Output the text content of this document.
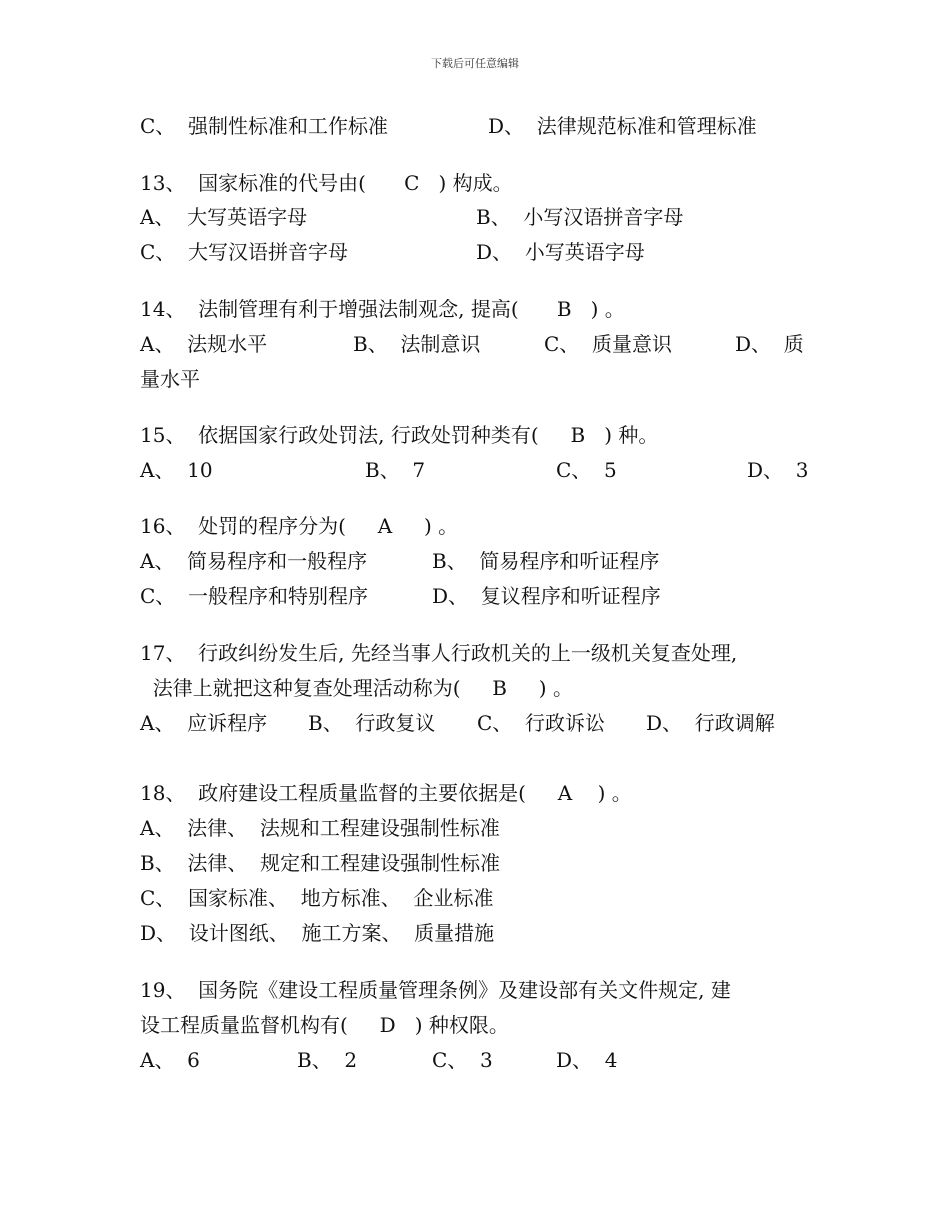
下载后可任意编辑
C、  强制性标准和工作标准	D、  法律规范标准和管理标准
13、  国家标准的代号由(      C   ) 构成。
A、  大写英语字母	B、  小写汉语拼音字母
C、  大写汉语拼音字母	D、  小写英语字母
14、  法制管理有利于增强法制观念, 提高(      B   ) 。
A、  法规水平	B、  法制意识	C、  质量意识	D、  质
量水平
15、  依据国家行政处罚法, 行政处罚种类有(     B   ) 种。
A、  10	B、  7	C、  5	D、  3
16、  处罚的程序分为(     A     ) 。
A、  简易程序和一般程序	B、  简易程序和听证程序
C、  一般程序和特别程序	D、  复议程序和听证程序
17、  行政纠纷发生后, 先经当事人行政机关的上一级机关复查处理,
法律上就把这种复查处理活动称为(     B     ) 。
A、  应诉程序 B、  行政复议 C、  行政诉讼 D、  行政调解
18、  政府建设工程质量监督的主要依据是(     A    ) 。
A、  法律、  法规和工程建设强制性标准
B、  法律、  规定和工程建设强制性标准
C、  国家标准、  地方标准、  企业标准
D、  设计图纸、  施工方案、  质量措施
19、  国务院《建设工程质量管理条例》及建设部有关文件规定, 建
设工程质量监督机构有(     D   ) 种权限。
A、  6	B、  2	C、  3	D、  4
